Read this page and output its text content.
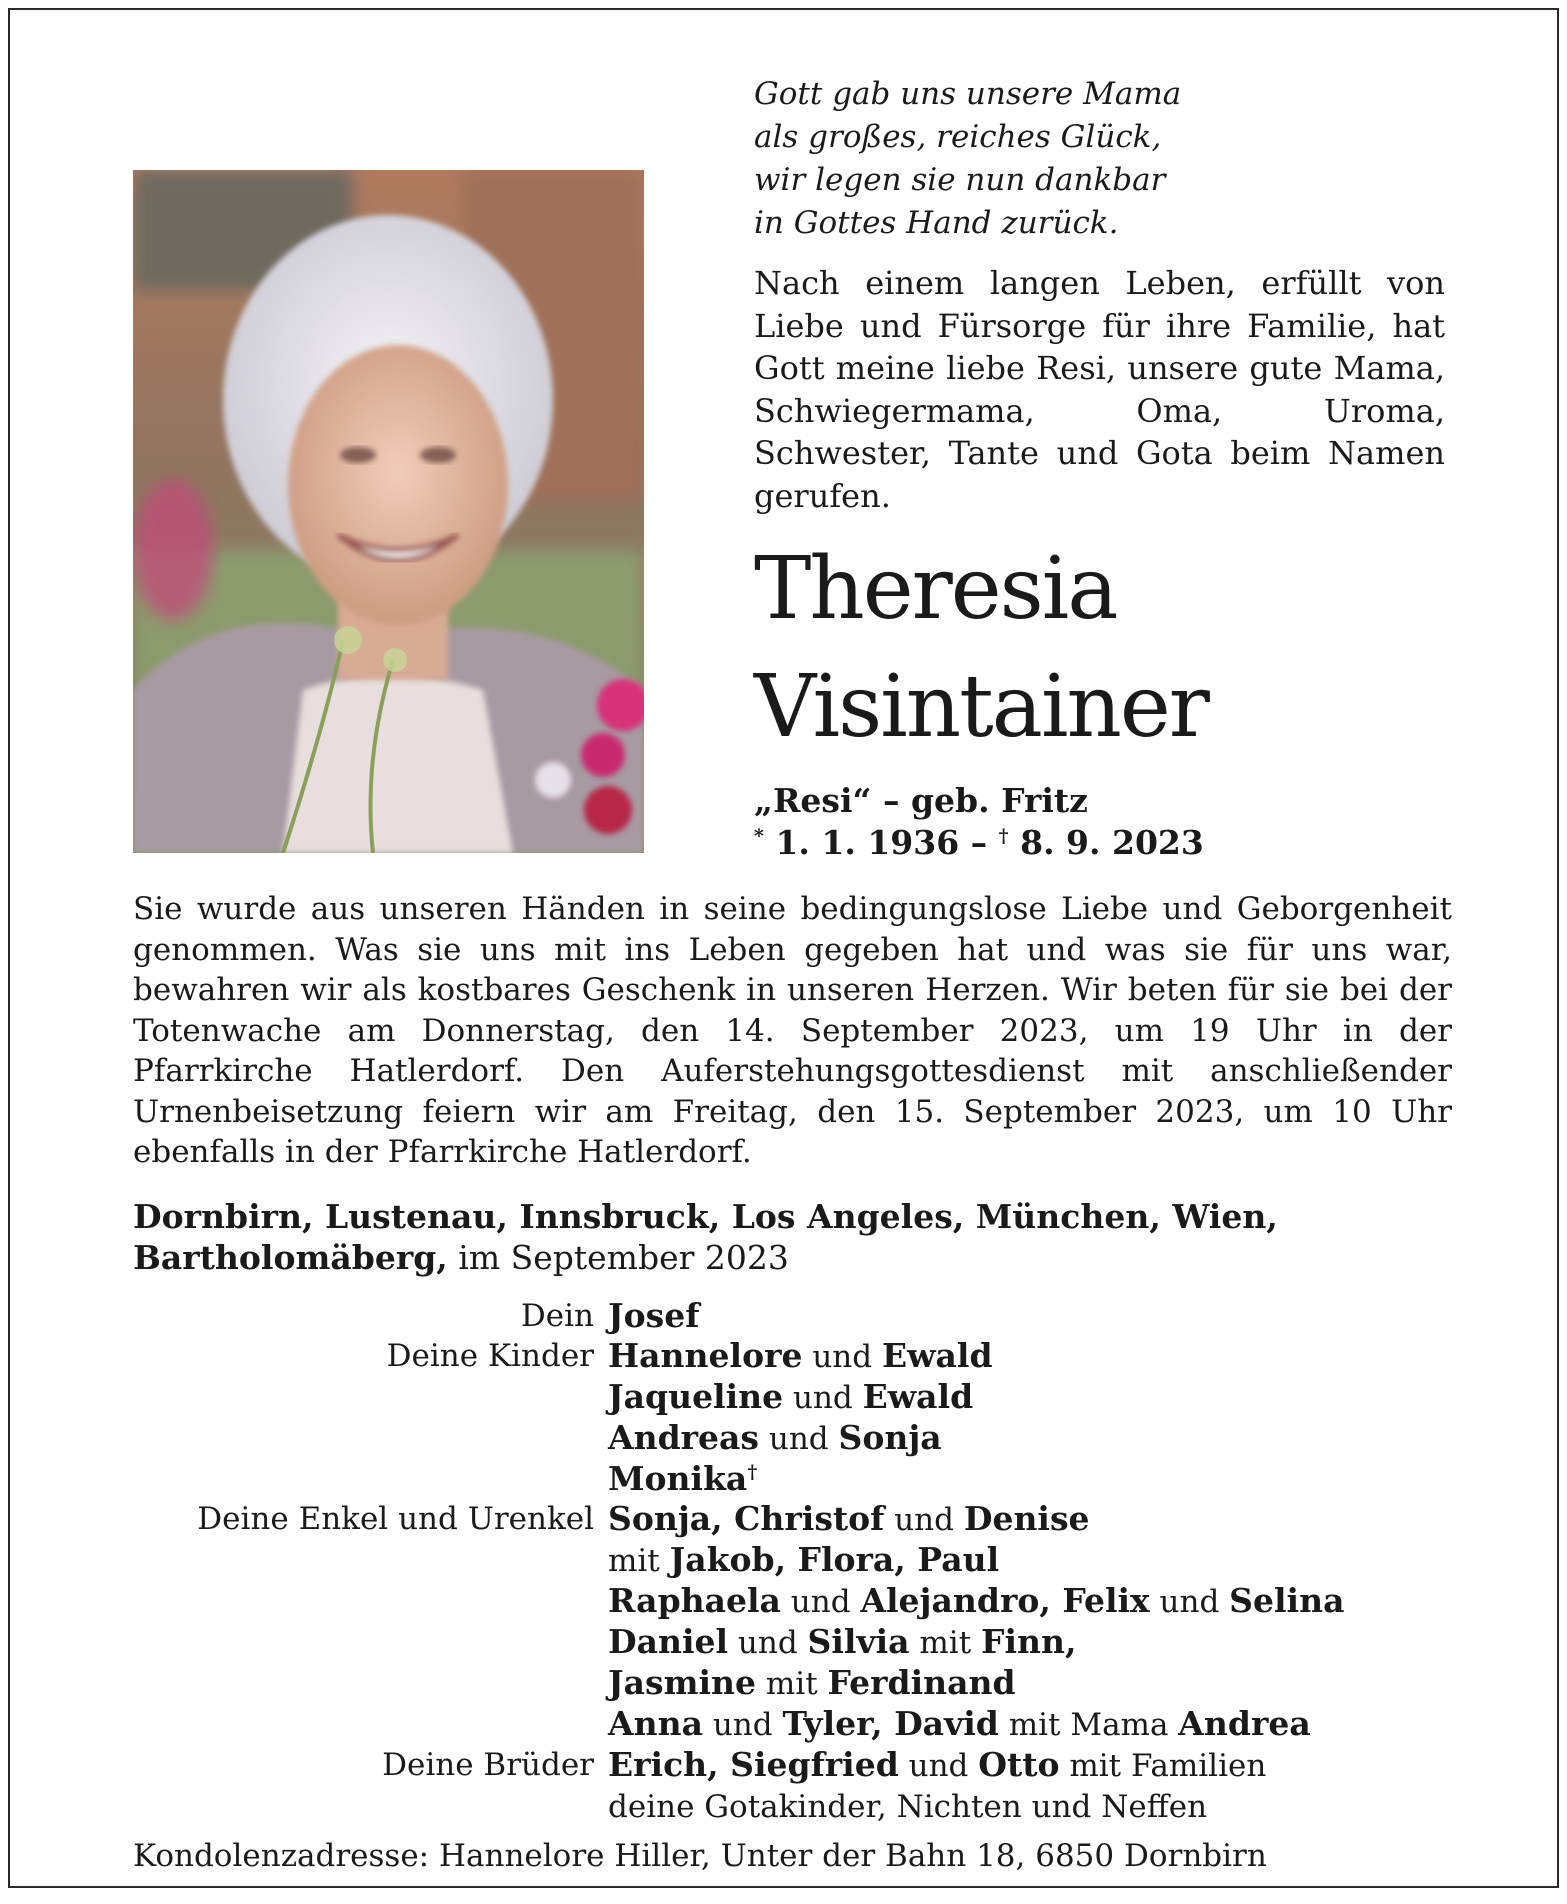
Gott gab uns unsere Mama
als großes, reiches Glück,
wir legen sie nun dankbar
in Gottes Hand zurück.
Nach einem langen Leben, erfüllt von Liebe und Fürsorge für ihre Familie, hat Gott meine liebe Resi, unsere gute Mama, Schwiegermama, Oma, Uroma, Schwester, Tante und Gota beim Namen gerufen.
Theresia
Visintainer
„Resi“ – geb. Fritz
* 1. 1. 1936 – † 8. 9. 2023
Sie wurde aus unseren Händen in seine bedingungslose Liebe und Geborgenheit genommen. Was sie uns mit ins Leben gegeben hat und was sie für uns war, bewahren wir als kostbares Geschenk in unseren Herzen. Wir beten für sie bei der Totenwache am Donnerstag, den 14. September 2023, um 19 Uhr in der Pfarrkirche Hatlerdorf. Den Auferstehungsgottesdienst mit anschließender Urnenbeisetzung feiern wir am Freitag, den 15. September 2023, um 10 Uhr ebenfalls in der Pfarrkirche Hatlerdorf.
Dornbirn, Lustenau, Innsbruck, Los Angeles, München, Wien,
Bartholomäberg, im September 2023
Dein Josef
Deine Kinder Hannelore und Ewald
Jaqueline und Ewald
Andreas und Sonja
Monika†
Deine Enkel und Urenkel Sonja, Christof und Denise
mit Jakob, Flora, Paul
Raphaela und Alejandro, Felix und Selina
Daniel und Silvia mit Finn,
Jasmine mit Ferdinand
Anna und Tyler, David mit Mama Andrea
Deine Brüder Erich, Siegfried und Otto mit Familien
deine Gotakinder, Nichten und Neffen
Kondolenzadresse: Hannelore Hiller, Unter der Bahn 18, 6850 Dornbirn
